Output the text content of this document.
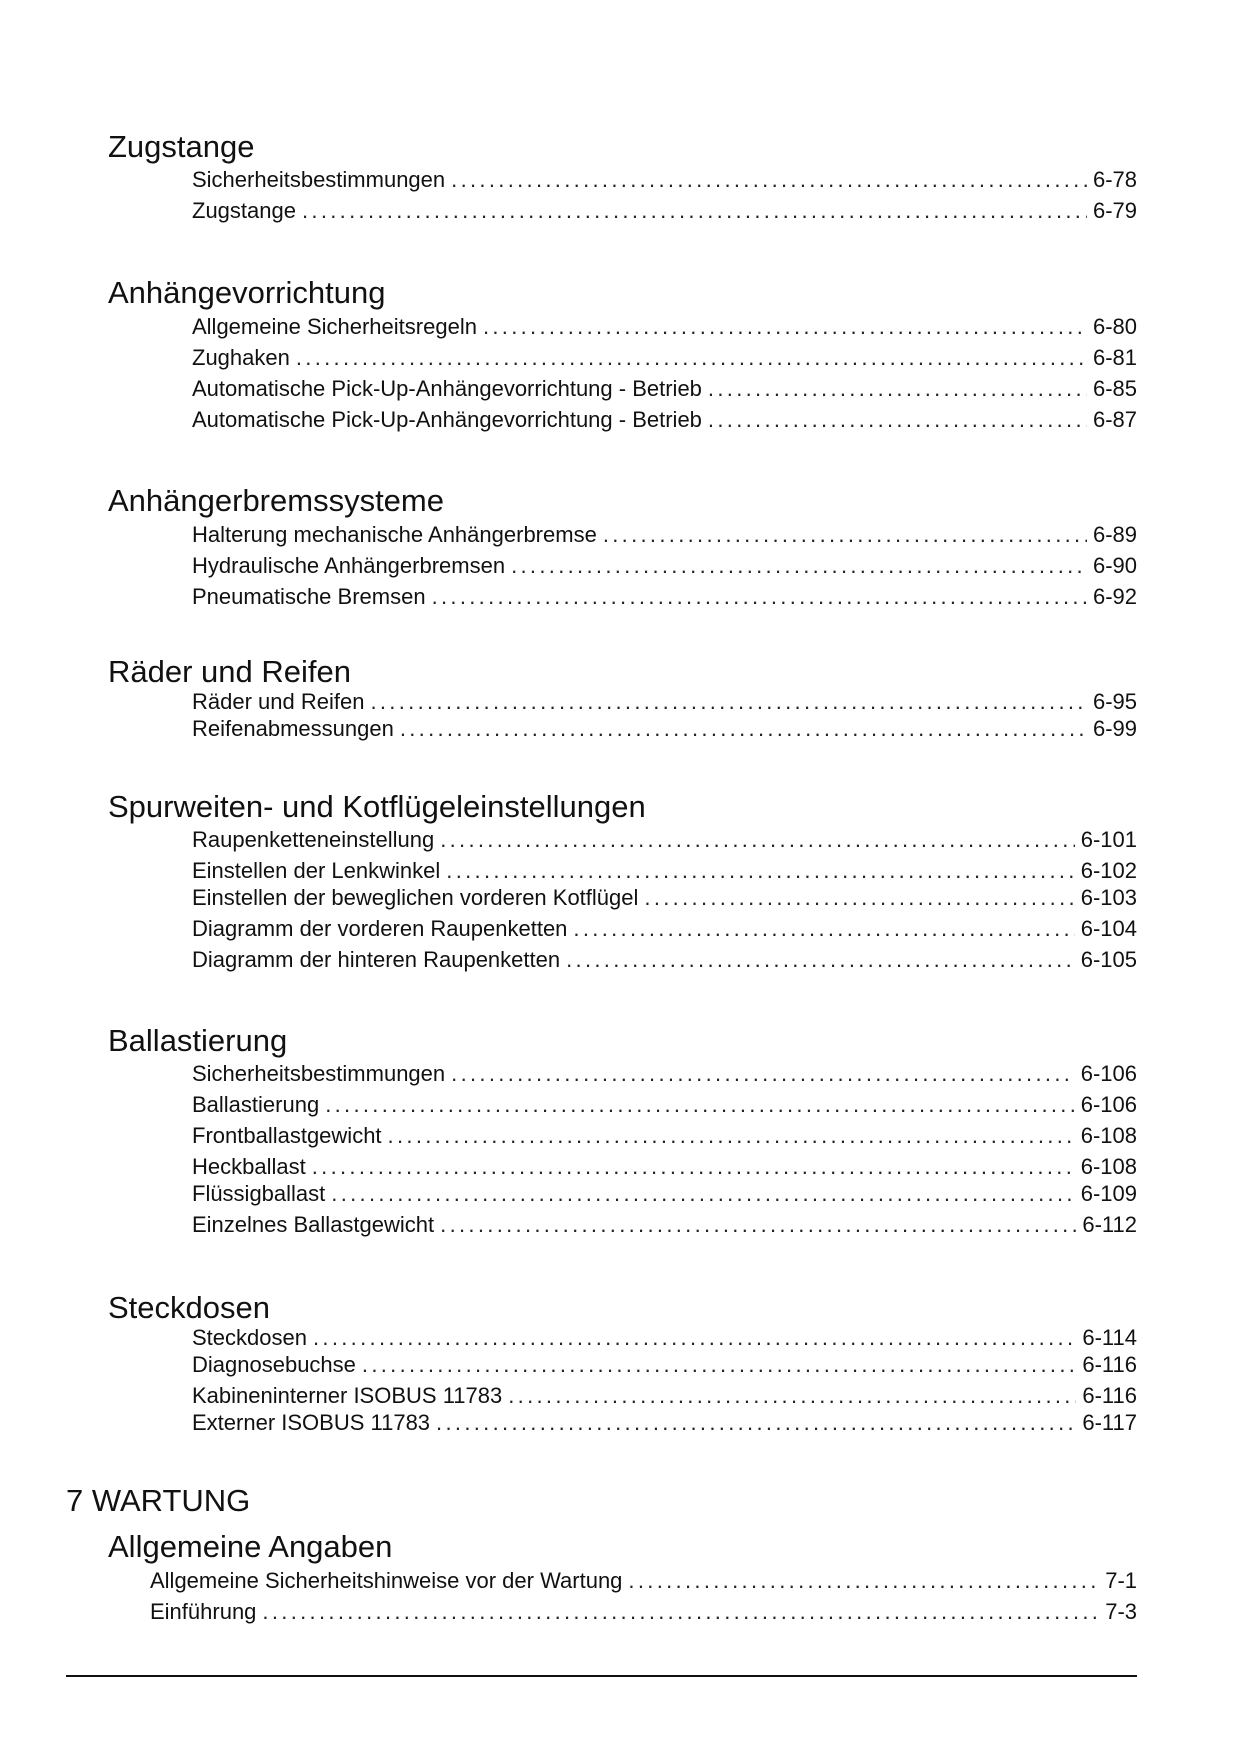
Zugstange
Sicherheitsbestimmungen . . .	6-78
Zugstange . . .	6-79
Anhängevorrichtung
Allgemeine Sicherheitsregeln . . .	6-80
Zughaken . . .	6-81
Automatische Pick-Up-Anhängevorrichtung - Betrieb . . .	6-85
Automatische Pick-Up-Anhängevorrichtung - Betrieb . . .	6-87
Anhängerbremssysteme
Halterung mechanische Anhängerbremse . . .	6-89
Hydraulische Anhängerbremsen . . .	6-90
Pneumatische Bremsen . . .	6-92
Räder und Reifen
Räder und Reifen . . .	6-95
Reifenabmessungen . . .	6-99
Spurweiten- und Kotflügeleinstellungen
Raupenketteneinstellung . . .	6-101
Einstellen der Lenkwinkel . . .	6-102
Einstellen der beweglichen vorderen Kotflügel . . .	6-103
Diagramm der vorderen Raupenketten . . .	6-104
Diagramm der hinteren Raupenketten . . .	6-105
Ballastierung
Sicherheitsbestimmungen . . .	6-106
Ballastierung . . .	6-106
Frontballastgewicht . . .	6-108
Heckballast . . .	6-108
Flüssigballast . . .	6-109
Einzelnes Ballastgewicht . . .	6-112
Steckdosen
Steckdosen . . .	6-114
Diagnosebuchse . . .	6-116
Kabineninterner ISOBUS 11783 . . .	6-116
Externer ISOBUS 11783 . . .	6-117
7 WARTUNG
Allgemeine Angaben
Allgemeine Sicherheitshinweise vor der Wartung . . .	7-1
Einführung . . .	7-3
